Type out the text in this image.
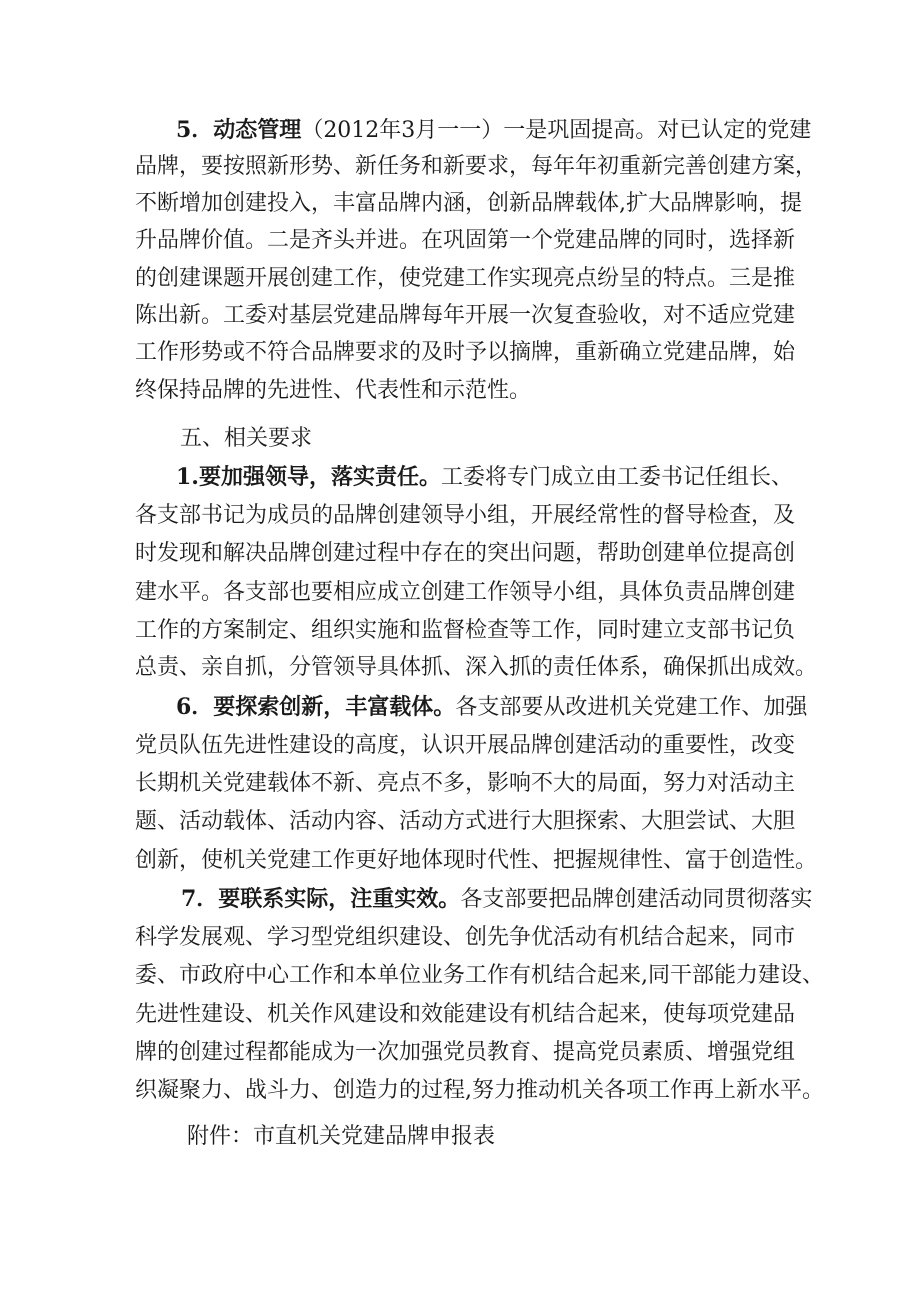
5．动态管理（2012年3月一一）一是巩固提高。对已认定的党建
品牌，要按照新形势、新任务和新要求，每年年初重新完善创建方案，
不断增加创建投入，丰富品牌内涵，创新品牌载体,扩大品牌影响，提
升品牌价值。二是齐头并进。在巩固第一个党建品牌的同时，选择新
的创建课题开展创建工作，使党建工作实现亮点纷呈的特点。三是推
陈出新。工委对基层党建品牌每年开展一次复查验收，对不适应党建
工作形势或不符合品牌要求的及时予以摘牌，重新确立党建品牌，始
终保持品牌的先进性、代表性和示范性。
五、相关要求
1.要加强领导，落实责任。工委将专门成立由工委书记任组长、
各支部书记为成员的品牌创建领导小组，开展经常性的督导检查，及
时发现和解决品牌创建过程中存在的突出问题，帮助创建单位提高创
建水平。各支部也要相应成立创建工作领导小组，具体负责品牌创建
工作的方案制定、组织实施和监督检查等工作，同时建立支部书记负
总责、亲自抓，分管领导具体抓、深入抓的责任体系，确保抓出成效。
6．要探索创新，丰富载体。各支部要从改进机关党建工作、加强
党员队伍先进性建设的高度，认识开展品牌创建活动的重要性，改变
长期机关党建载体不新、亮点不多，影响不大的局面，努力对活动主
题、活动载体、活动内容、活动方式进行大胆探索、大胆尝试、大胆
创新，使机关党建工作更好地体现时代性、把握规律性、富于创造性。
7．要联系实际，注重实效。各支部要把品牌创建活动同贯彻落实
科学发展观、学习型党组织建设、创先争优活动有机结合起来，同市
委、市政府中心工作和本单位业务工作有机结合起来,同干部能力建设、
先进性建设、机关作风建设和效能建设有机结合起来，使每项党建品
牌的创建过程都能成为一次加强党员教育、提高党员素质、增强党组
织凝聚力、战斗力、创造力的过程,努力推动机关各项工作再上新水平。
附件：市直机关党建品牌申报表
